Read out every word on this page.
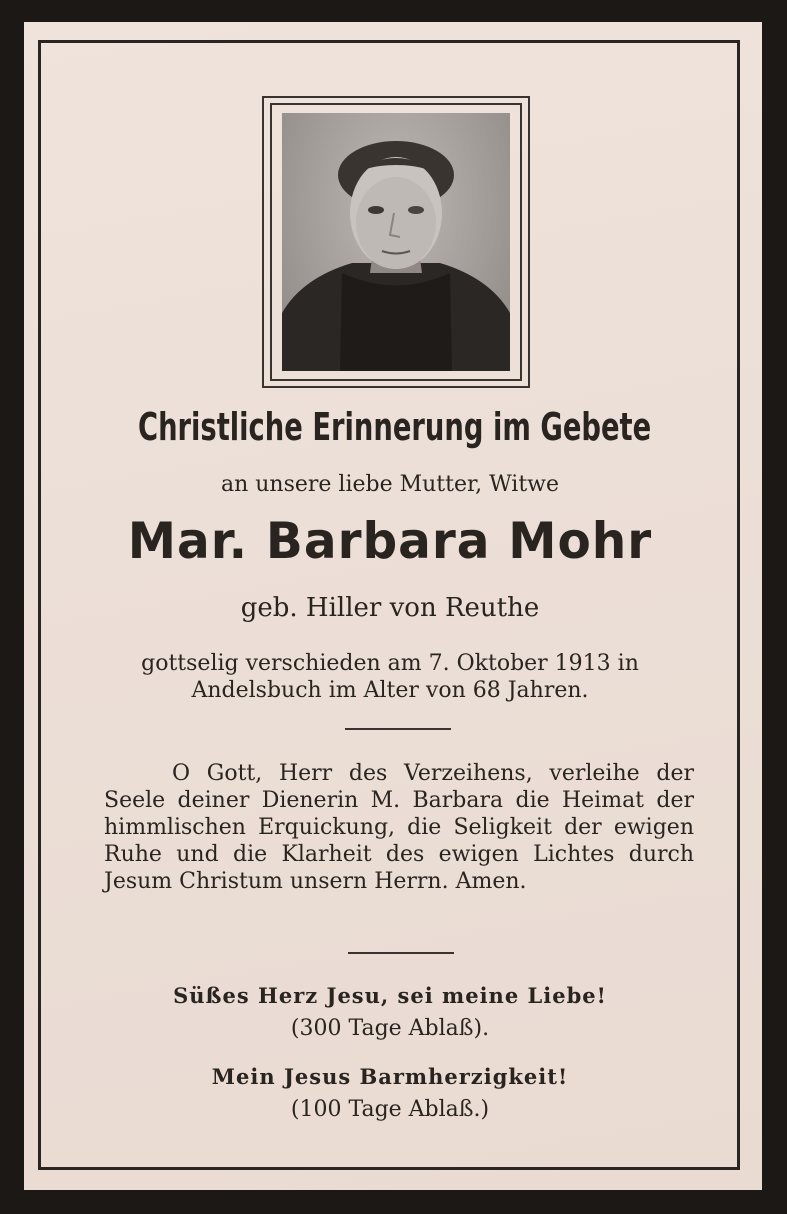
Christliche Erinnerung im Gebete

an unsere liebe Mutter, Witwe

Mar. Barbara Mohr

geb. Hiller von Reuthe

gottselig verschieden am 7. Oktober 1913 in

Andelsbuch im Alter von 68 Jahren.

O Gott, Herr des Verzeihens, verleihe der Seele deiner Dienerin M. Barbara die Heimat der himmlischen Erquickung, die Seligkeit der ewigen Ruhe und die Klarheit des ewigen Lichtes durch Jesum Christum unsern Herrn. Amen.

Süßes Herz Jesu, sei meine Liebe!

(300 Tage Ablaß).

Mein Jesus Barmherzigkeit!

(100 Tage Ablaß.)
